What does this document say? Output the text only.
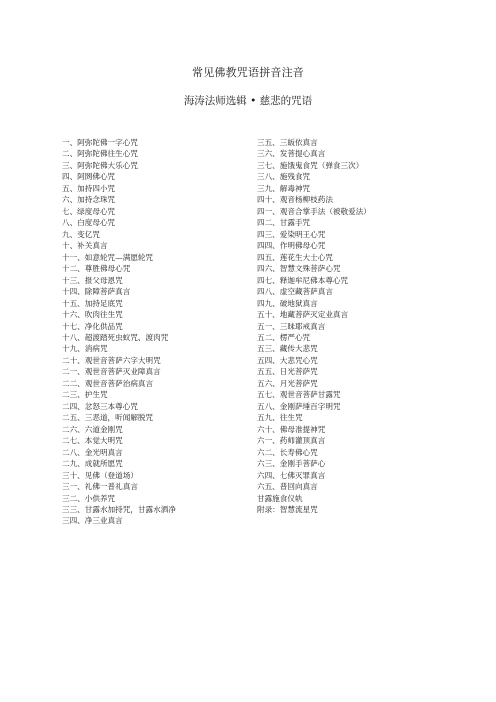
常见佛教咒语拼音注音
海涛法师选辑 • 慈悲的咒语
一、阿弥陀佛一字心咒
二、阿弥陀佛往生心咒
三、阿弥陀佛大乐心咒
四、阿閦佛心咒
五、加持四小咒
六、加持念珠咒
七、绿度母心咒
八、白度母心咒
九、变亿咒
十、补关真言
十一、如意轮咒—满愿轮咒
十二、尊胜佛母心咒
十三、报父母恩咒
十四、除障菩萨真言
十五、加持足底咒
十六、吹肉往生咒
十七、净化供品咒
十八、超渡踏死虫蚁咒、渡肉咒
十九、消病咒
二十、观世音菩萨六字大明咒
二一、观世音菩萨灭业障真言
二二、观世音菩萨治病真言
二三、护生咒
二四、忿怒三本尊心咒
二五、三恶道，听闻解脱咒
二六、六道金刚咒
二七、本觉大明咒
二八、金光明真言
二九、成就所愿咒
三十、见佛（登道场）
三一、礼佛一普礼真言
三二、小供养咒
三三、甘露水加持咒，甘露水洒净
三四、净三业真言
三五、三皈依真言
三六、发菩提心真言
三七、施饿鬼食咒（弹食三次）
三八、施残食咒
三九、解毒神咒
四十、观音杨柳枝药法
四一、观音合掌手法（被敬爱法）
四二、甘露手咒
四三、爱染明王心咒
四四、作明佛母心咒
四五、莲花生大士心咒
四六、智慧文殊菩萨心咒
四七、释迦牟尼佛本尊心咒
四八、虚空藏菩萨真言
四九、破地狱真言
五十、地藏菩萨灭定业真言
五一、三昧耶戒真言
五二、楞严心咒
五三、藏传大悲咒
五四、大悲咒心咒
五五、日光菩萨咒
五六、月光菩萨咒
五七、观世音菩萨甘露咒
五八、金刚萨埵百字明咒
五九、往生咒
六十、佛母准提神咒
六一、药师灌顶真言
六二、长寿佛心咒
六三、金刚手菩萨心
六四、七佛灭罪真言
六五、普回向真言
甘露施食仪轨
附录：智慧流星咒
